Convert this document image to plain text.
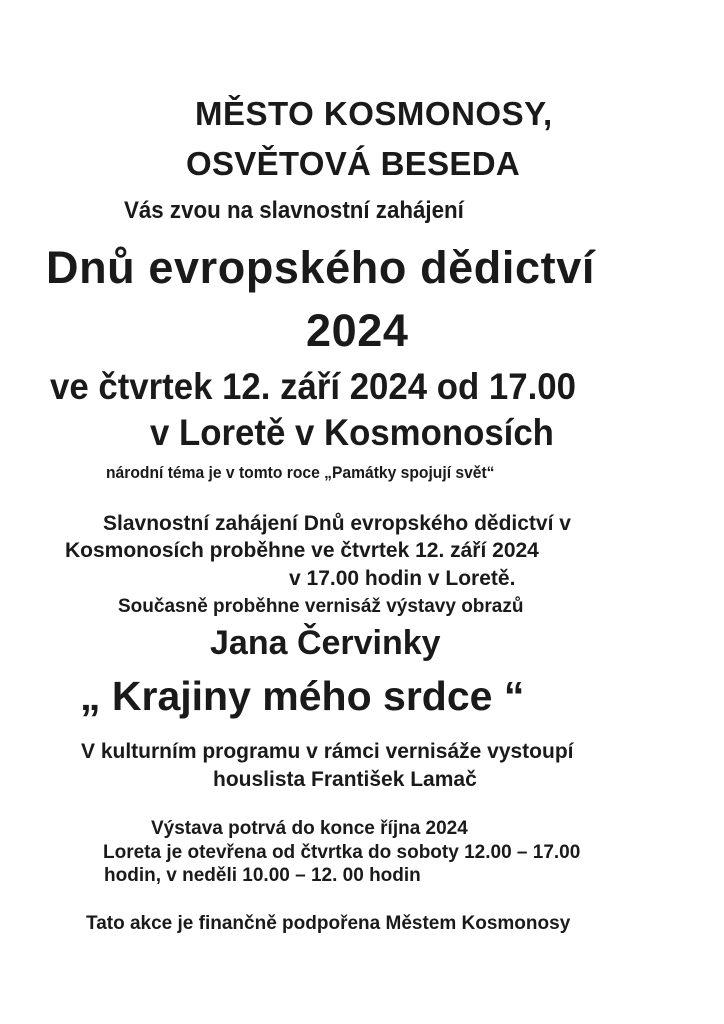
MĚSTO KOSMONOSY,

OSVĚTOVÁ BESEDA

Vás zvou na slavnostní zahájení

Dnů evropského dědictví

2024

ve čtvrtek 12. září 2024 od 17.00

v Loretě v Kosmonosích

národní téma je v tomto roce „Památky spojují svět“

Slavnostní zahájení Dnů evropského dědictví v

Kosmonosích proběhne ve čtvrtek 12. září 2024

v 17.00 hodin v Loretě.

Současně proběhne vernisáž výstavy obrazů

Jana Červinky

„ Krajiny mého srdce “

V kulturním programu v rámci vernisáže vystoupí

houslista František Lamač

Výstava potrvá do konce října 2024

Loreta je otevřena od čtvrtka do soboty 12.00 – 17.00

hodin, v neděli 10.00 – 12. 00 hodin

Tato akce je finančně podpořena Městem Kosmonosy
